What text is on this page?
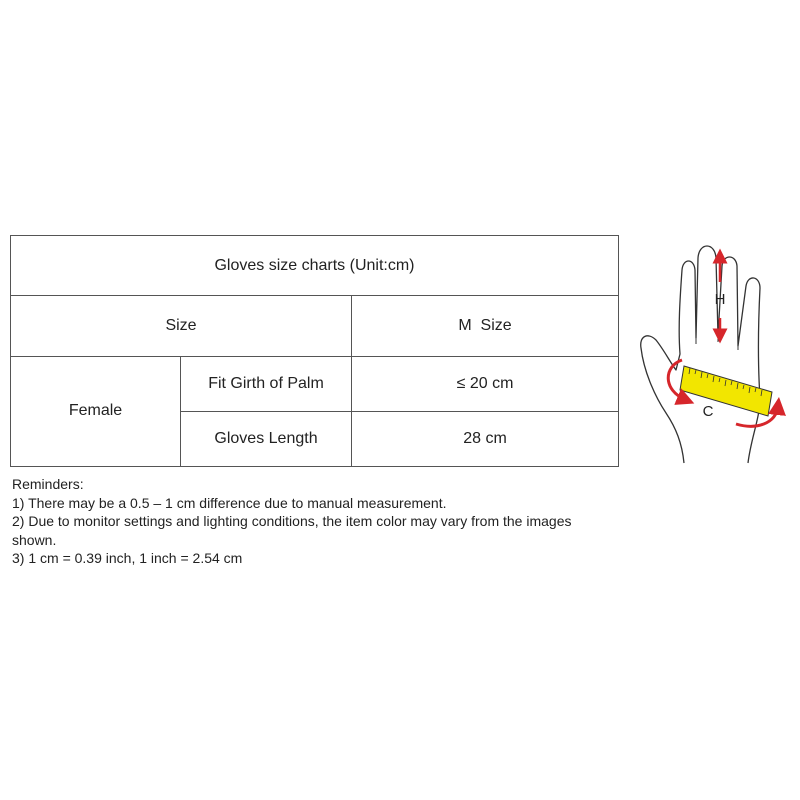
Gloves size charts (Unit:cm)		
Size		M  Size
Female	Fit Girth of Palm	≤ 20 cm
	Gloves Length	28 cm

Reminders:

1) There may be a 0.5 – 1 cm difference due to manual measurement.

2) Due to monitor settings and lighting conditions, the item color may vary from the images shown.

3) 1 cm = 0.39 inch, 1 inch = 2.54 cm

H
C
